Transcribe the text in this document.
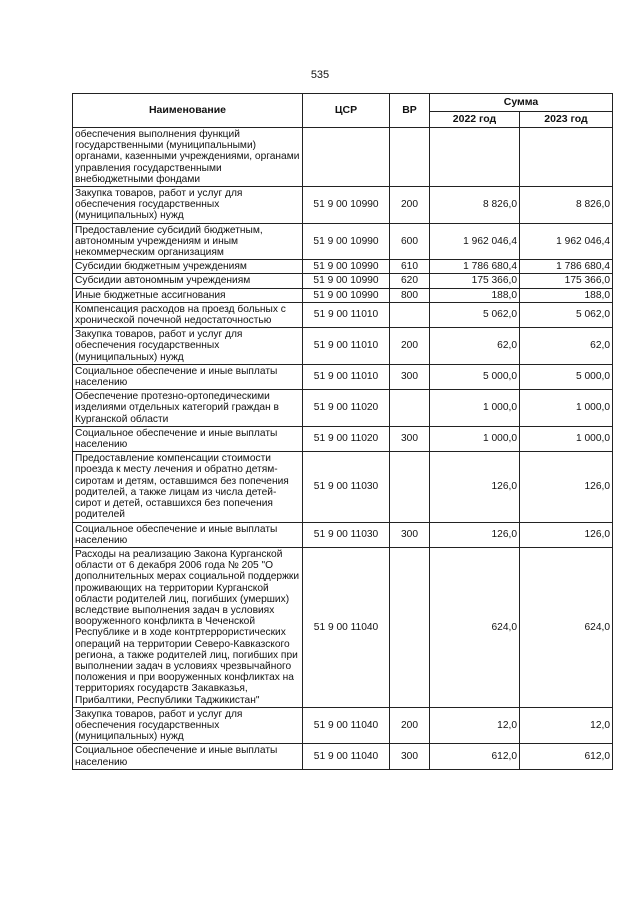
535
Наименование	ЦСР	ВР	Сумма	
			2022 год	2023 год
обеспечения выполнения функций государственными (муниципальными) органами, казенными учреждениями, органами управления государственными внебюджетными фондами				
Закупка товаров, работ и услуг для обеспечения государственных (муниципальных) нужд	51 9 00 10990	200	8 826,0	8 826,0
Предоставление субсидий бюджетным, автономным учреждениям и иным некоммерческим организациям	51 9 00 10990	600	1 962 046,4	1 962 046,4
Субсидии бюджетным учреждениям	51 9 00 10990	610	1 786 680,4	1 786 680,4
Субсидии автономным учреждениям	51 9 00 10990	620	175 366,0	175 366,0
Иные бюджетные ассигнования	51 9 00 10990	800	188,0	188,0
Компенсация расходов на проезд больных с хронической почечной недостаточностью	51 9 00 11010		5 062,0	5 062,0
Закупка товаров, работ и услуг для обеспечения государственных (муниципальных) нужд	51 9 00 11010	200	62,0	62,0
Социальное обеспечение и иные выплаты населению	51 9 00 11010	300	5 000,0	5 000,0
Обеспечение протезно-ортопедическими изделиями отдельных категорий граждан в Курганской области	51 9 00 11020		1 000,0	1 000,0
Социальное обеспечение и иные выплаты населению	51 9 00 11020	300	1 000,0	1 000,0
Предоставление компенсации стоимости проезда к месту лечения и обратно детям-сиротам и детям, оставшимся без попечения родителей, а также лицам из числа детей-сирот и детей, оставшихся без попечения родителей	51 9 00 11030		126,0	126,0
Социальное обеспечение и иные выплаты населению	51 9 00 11030	300	126,0	126,0
Расходы на реализацию Закона Курганской области от 6 декабря 2006 года № 205 "О дополнительных мерах социальной поддержки проживающих на территории Курганской области родителей лиц, погибших (умерших) вследствие выполнения задач в условиях вооруженного конфликта в Чеченской Республике и в ходе контртеррористических операций на территории Северо-Кавказского региона, а также родителей лиц, погибших при выполнении задач в условиях чрезвычайного положения и при вооруженных конфликтах на территориях государств Закавказья, Прибалтики, Республики Таджикистан"	51 9 00 11040		624,0	624,0
Закупка товаров, работ и услуг для обеспечения государственных (муниципальных) нужд	51 9 00 11040	200	12,0	12,0
Социальное обеспечение и иные выплаты населению	51 9 00 11040	300	612,0	612,0
